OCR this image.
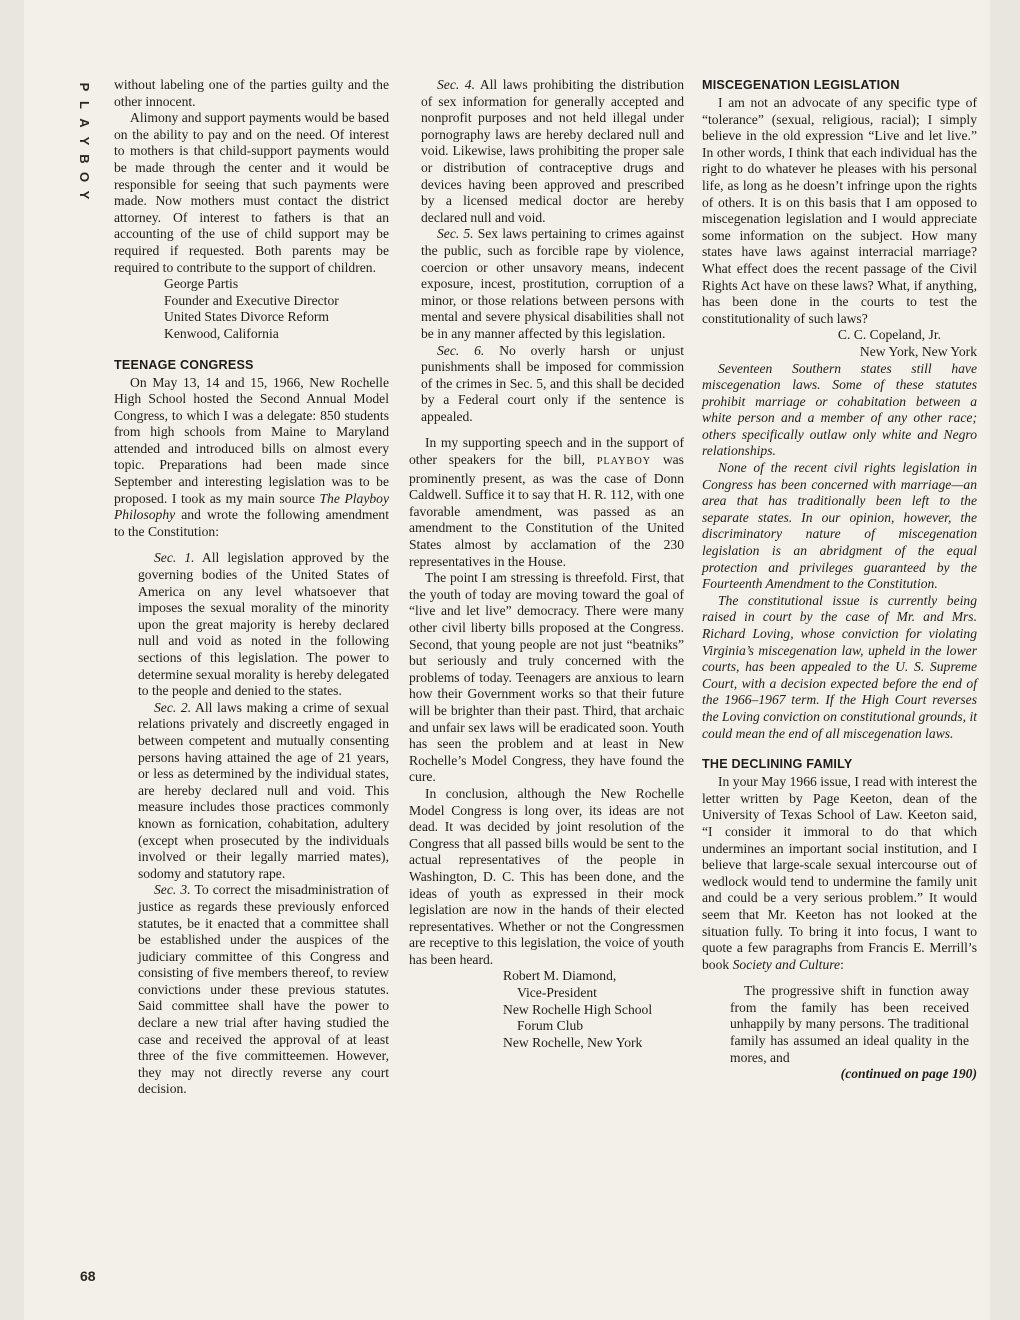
P
L
A
Y
B
O
Y
68

without labeling one of the parties guilty and the other innocent.

Alimony and support payments would be based on the ability to pay and on the need. Of interest to mothers is that child-support payments would be made through the center and it would be responsible for seeing that such payments were made. Now mothers must contact the district attorney. Of interest to fathers is that an accounting of the use of child support may be required if requested. Both parents may be required to contribute to the support of children.

George Partis
Founder and Executive Director
United States Divorce Reform
Kenwood, California
TEENAGE CONGRESS

On May 13, 14 and 15, 1966, New Rochelle High School hosted the Second Annual Model Congress, to which I was a delegate: 850 students from high schools from Maine to Maryland attended and introduced bills on almost every topic. Preparations had been made since September and interesting legislation was to be proposed. I took as my main source The Playboy Philosophy and wrote the following amendment to the Constitution:

Sec. 1. All legislation approved by the governing bodies of the United States of America on any level whatsoever that imposes the sexual morality of the minority upon the great majority is hereby declared null and void as noted in the following sections of this legislation. The power to determine sexual morality is hereby delegated to the people and denied to the states.

Sec. 2. All laws making a crime of sexual relations privately and discreetly engaged in between competent and mutually consenting persons having attained the age of 21 years, or less as determined by the individual states, are hereby declared null and void. This measure includes those practices commonly known as fornication, cohabitation, adultery (except when prosecuted by the individuals involved or their legally married mates), sodomy and statutory rape.

Sec. 3. To correct the misadministration of justice as regards these previously enforced statutes, be it enacted that a committee shall be established under the auspices of the judiciary committee of this Congress and consisting of five members thereof, to review convictions under these previous statutes. Said committee shall have the power to declare a new trial after having studied the case and received the approval of at least three of the five committeemen. However, they may not directly reverse any court decision.

Sec. 4. All laws prohibiting the distribution of sex information for generally accepted and nonprofit purposes and not held illegal under pornography laws are hereby declared null and void. Likewise, laws prohibiting the proper sale or distribution of contraceptive drugs and devices having been approved and prescribed by a licensed medical doctor are hereby declared null and void.

Sec. 5. Sex laws pertaining to crimes against the public, such as forcible rape by violence, coercion or other unsavory means, indecent exposure, incest, prostitution, corruption of a minor, or those relations between persons with mental and severe physical disabilities shall not be in any manner affected by this legislation.

Sec. 6. No overly harsh or unjust punishments shall be imposed for commission of the crimes in Sec. 5, and this shall be decided by a Federal court only if the sentence is appealed.

In my supporting speech and in the support of other speakers for the bill, PLAYBOY was prominently present, as was the case of Donn Caldwell. Suffice it to say that H. R. 112, with one favorable amendment, was passed as an amendment to the Constitution of the United States almost by acclamation of the 230 representatives in the House.

The point I am stressing is threefold. First, that the youth of today are moving toward the goal of “live and let live” democracy. There were many other civil liberty bills proposed at the Congress. Second, that young people are not just “beatniks” but seriously and truly concerned with the problems of today. Teenagers are anxious to learn how their Government works so that their future will be brighter than their past. Third, that archaic and unfair sex laws will be eradicated soon. Youth has seen the problem and at least in New Rochelle’s Model Congress, they have found the cure.

In conclusion, although the New Rochelle Model Congress is long over, its ideas are not dead. It was decided by joint resolution of the Congress that all passed bills would be sent to the actual representatives of the people in Washington, D. C. This has been done, and the ideas of youth as expressed in their mock legislation are now in the hands of their elected representatives. Whether or not the Congressmen are receptive to this legislation, the voice of youth has been heard.

Robert M. Diamond,
Vice-President
New Rochelle High School
Forum Club
New Rochelle, New York
MISCEGENATION LEGISLATION

I am not an advocate of any specific type of “tolerance” (sexual, religious, racial); I simply believe in the old expression “Live and let live.” In other words, I think that each individual has the right to do whatever he pleases with his personal life, as long as he doesn’t infringe upon the rights of others. It is on this basis that I am opposed to miscegenation legislation and I would appreciate some information on the subject. How many states have laws against interracial marriage? What effect does the recent passage of the Civil Rights Act have on these laws? What, if anything, has been done in the courts to test the constitutionality of such laws?

C. C. Copeland, Jr.
New York, New York

Seventeen Southern states still have miscegenation laws. Some of these statutes prohibit marriage or cohabitation between a white person and a member of any other race; others specifically outlaw only white and Negro relationships.

None of the recent civil rights legislation in Congress has been concerned with marriage—an area that has traditionally been left to the separate states. In our opinion, however, the discriminatory nature of miscegenation legislation is an abridgment of the equal protection and privileges guaranteed by the Fourteenth Amendment to the Constitution.

The constitutional issue is currently being raised in court by the case of Mr. and Mrs. Richard Loving, whose conviction for violating Virginia’s miscegenation law, upheld in the lower courts, has been appealed to the U. S. Supreme Court, with a decision expected before the end of the 1966–1967 term. If the High Court reverses the Loving conviction on constitutional grounds, it could mean the end of all miscegenation laws.

THE DECLINING FAMILY

In your May 1966 issue, I read with interest the letter written by Page Keeton, dean of the University of Texas School of Law. Keeton said, “I consider it immoral to do that which undermines an important social institution, and I believe that large-scale sexual intercourse out of wedlock would tend to undermine the family unit and could be a very serious problem.” It would seem that Mr. Keeton has not looked at the situation fully. To bring it into focus, I want to quote a few paragraphs from Francis E. Merrill’s book Society and Culture:

The progressive shift in function away from the family has been received unhappily by many persons. The traditional family has assumed an ideal quality in the mores, and

(continued on page 190)
